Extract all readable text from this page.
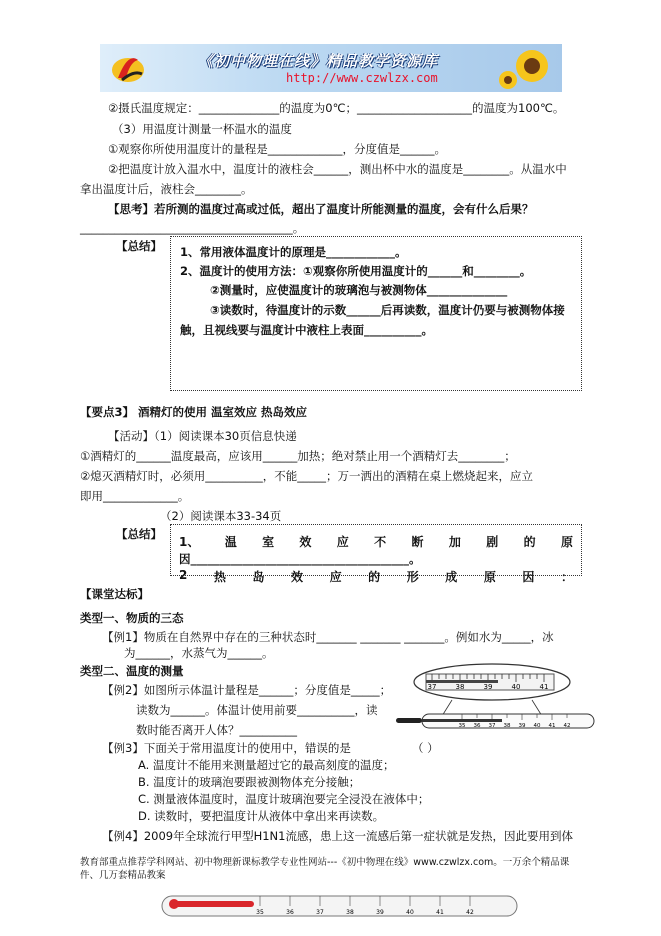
《初中物理在线》精品教学资源库
http://www.czwlzx.com
②摄氏温度规定：______________的温度为0℃；____________________的温度为100℃。
（3）用温度计测量一杯温水的温度
①观察你所使用温度计的量程是_____________，分度值是______。
②把温度计放入温水中，温度计的液柱会______，测出杯中水的温度是________。从温水中
拿出温度计后，液柱会________。
【思考】若所测的温度过高或过低，超出了温度计所能测量的温度，会有什么后果？
_____________________________________。
【总结】 1、常用液体温度计的原理是____________。
2、温度计的使用方法：①观察你所使用温度计的______和________。
②测量时，应使温度计的玻璃泡与被测物体______________
③读数时，待温度计的示数______后再读数，温度计仍要与被测物体接
触，且视线要与温度计中液柱上表面__________。
【要点3】 酒精灯的使用 温室效应 热岛效应
【活动】（1）阅读课本30页信息快递
①酒精灯的______温度最高，应该用______加热；绝对禁止用一个酒精灯去________；
②熄灭酒精灯时，必须用__________，不能_____；万一洒出的酒精在桌上燃烧起来，应立
即用_____________。
（2）阅读课本33-34页
【总结】
1、 温 室 效 应 不 断 加 剧 的 原
因______________________________________。
2 热 岛 效 应 的 形 成 原 因 ：
【课堂达标】
类型一、物质的三态
【例1】物质在自然界中存在的三种状态时_______ _______ _______。例如水为_____，冰
为______，水蒸气为______。
类型二、温度的测量
【例2】如图所示体温计量程是______；分度值是_____；
读数为______。体温计使用前要__________，读
数时能否离开人体？__________
【例3】下面关于常用温度计的使用中，错误的是	（ ）
A. 温度计不能用来测量超过它的最高刻度的温度；
B. 温度计的玻璃泡要跟被测物体充分接触；
C. 测量液体温度时，温度计玻璃泡要完全浸没在液体中；
D. 读数时，要把温度计从液体中拿出来再读数。
【例4】2009年全球流行甲型H1N1流感，患上这一流感后第一症状就是发热，因此要用到体
37	38	39	40	41
35 36 37 38 39 40 41 42
教育部重点推荐学科网站、初中物理新课标教学专业性网站---《初中物理在线》www.czwlzx.com。一万余个精品课
件、几万套精品教案
35	36	37	38	39	40	41	42
